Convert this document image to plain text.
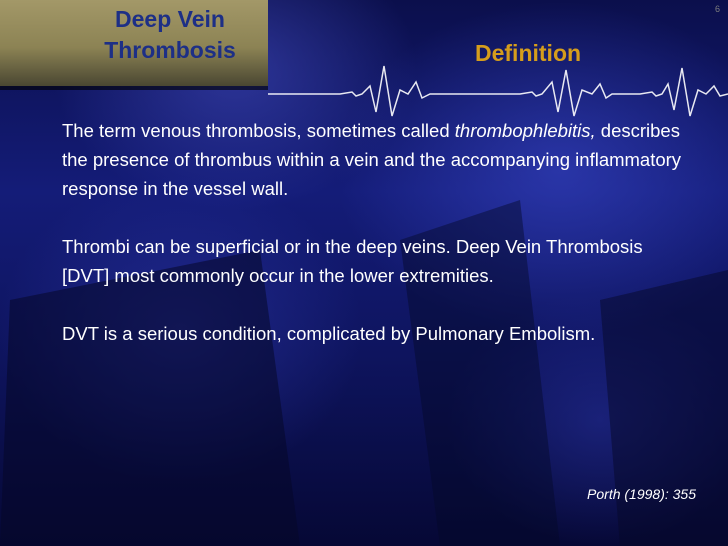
6
Deep Vein
Thrombosis	Definition

The term venous thrombosis, sometimes called thrombophlebitis, describes the presence of thrombus within a vein and the accompanying inflammatory response in the vessel wall.

Thrombi can be superficial or in the deep veins. Deep Vein Thrombosis [DVT] most commonly occur in the lower extremities.

DVT is a serious condition, complicated by Pulmonary Embolism.

Porth (1998): 355
